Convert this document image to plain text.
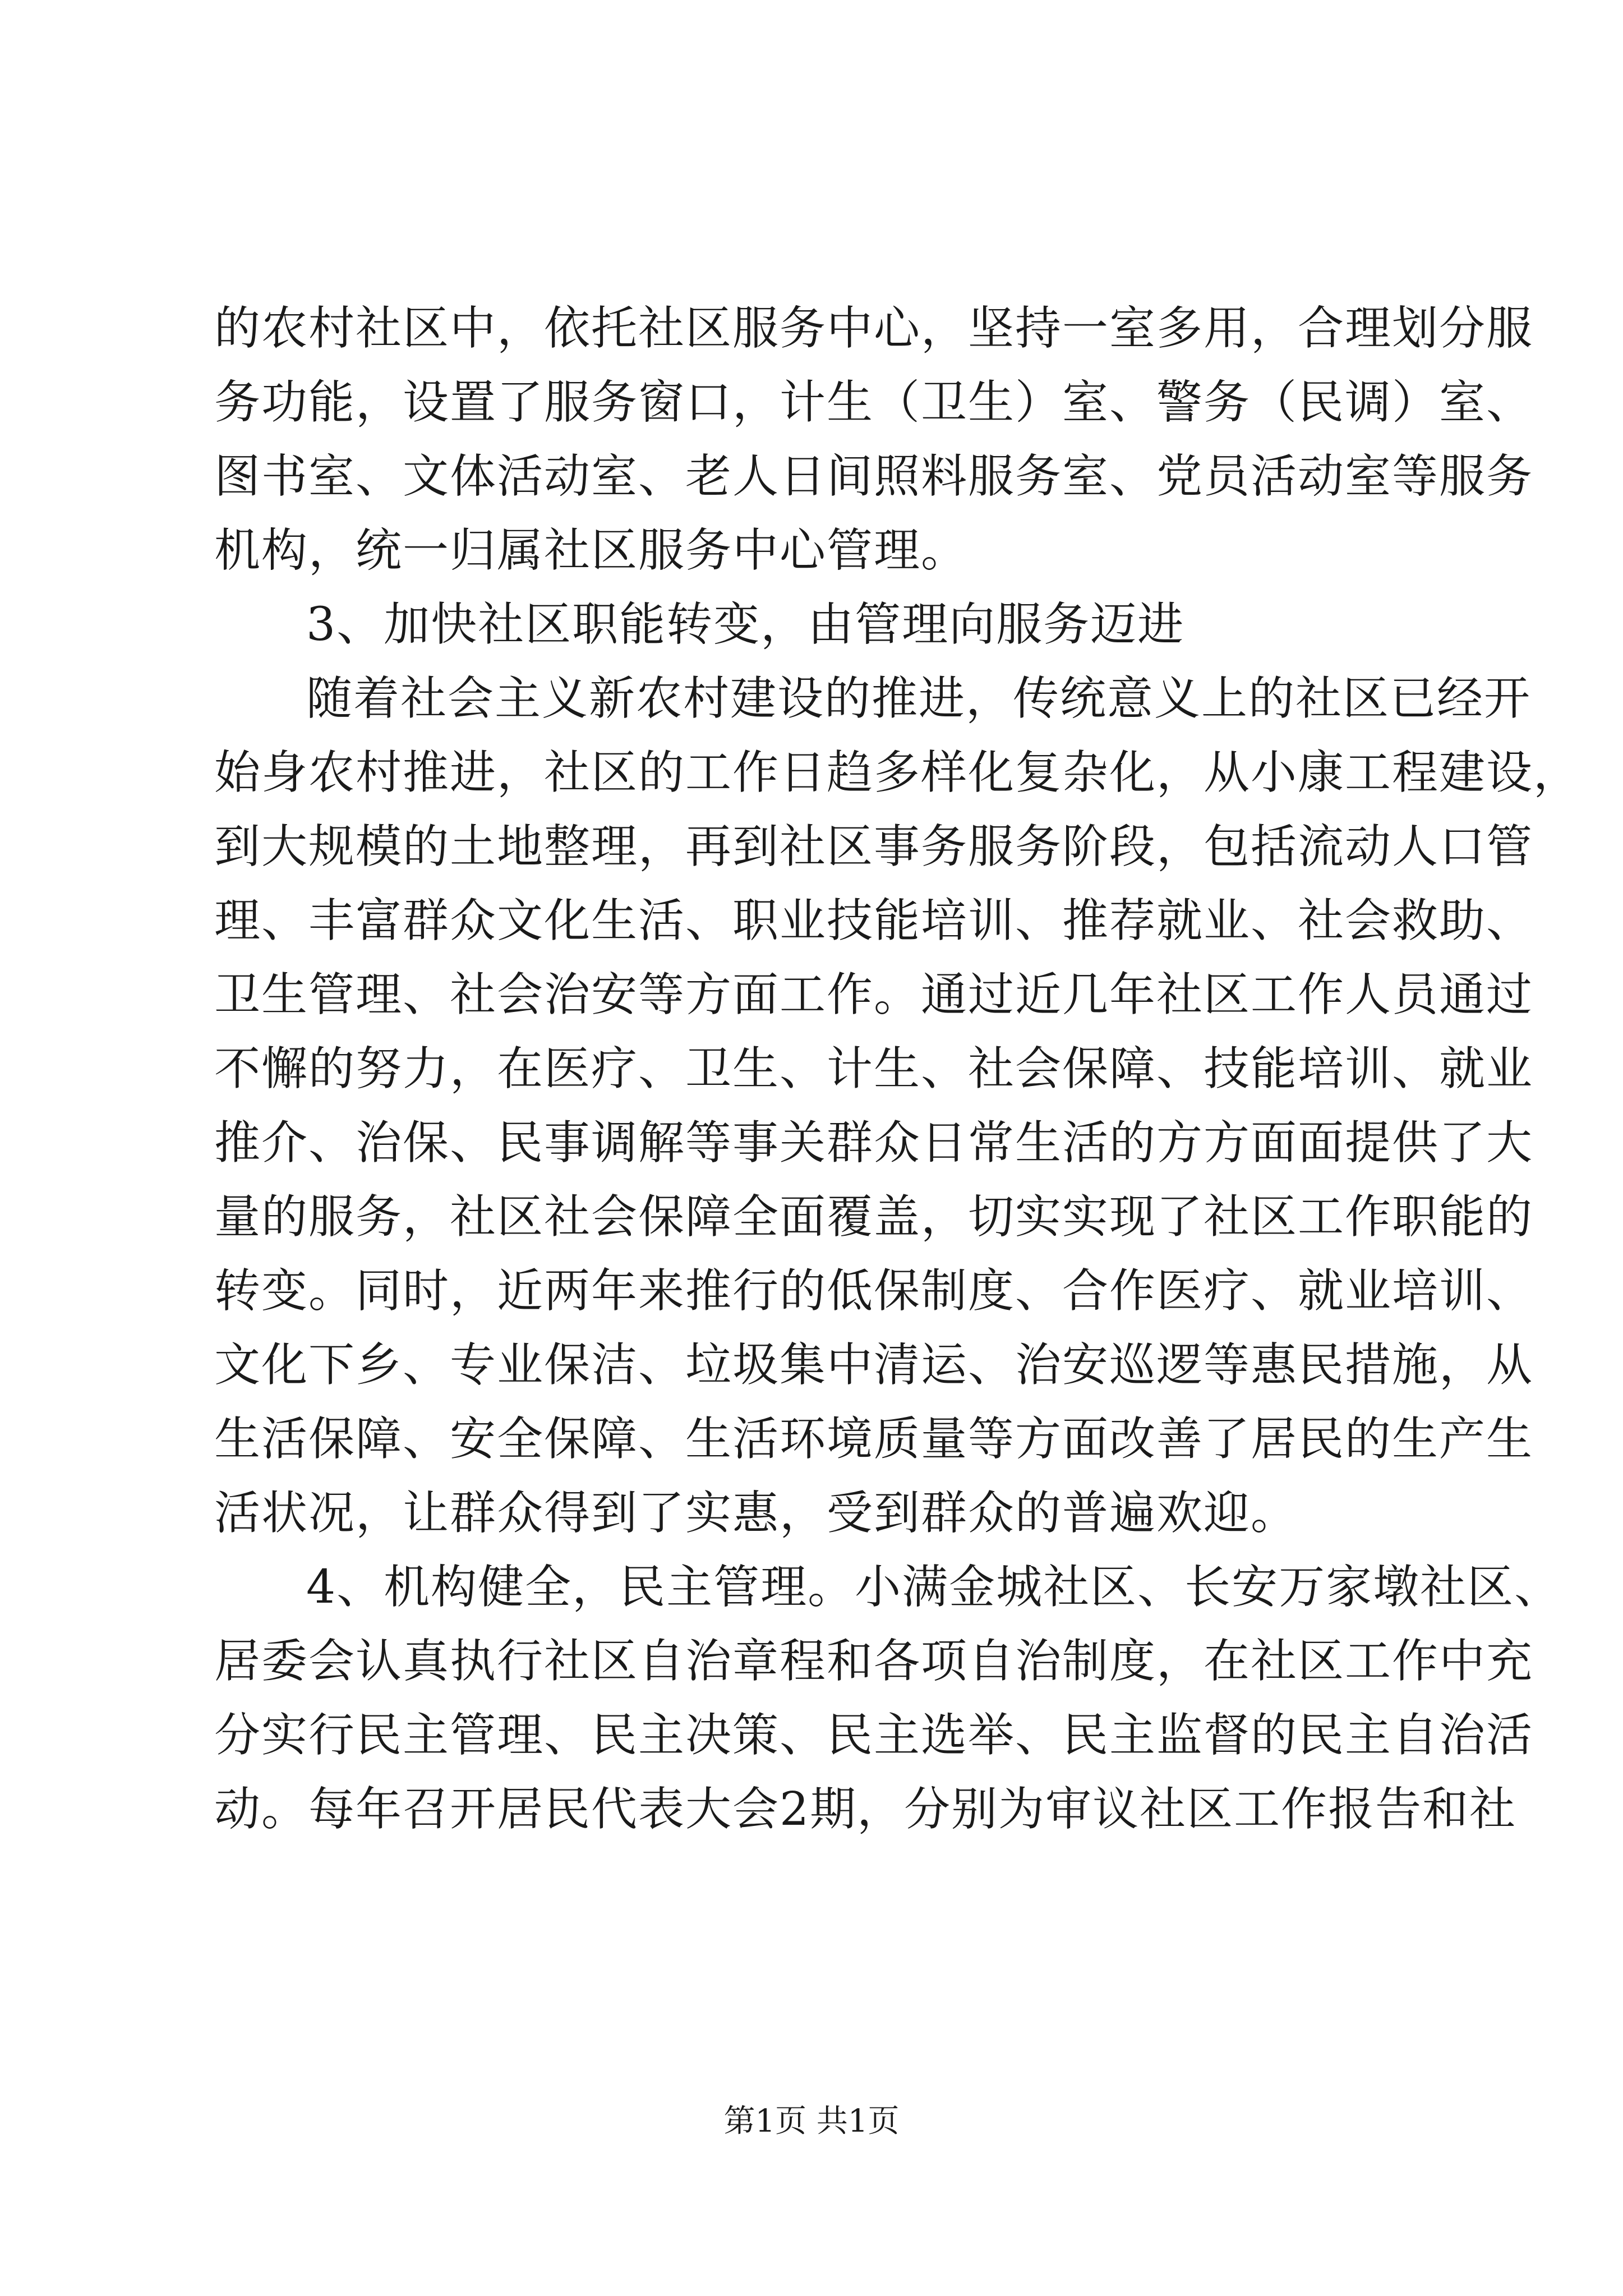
的农村社区中，依托社区服务中心，坚持一室多用，合理划分服
务功能，设置了服务窗口，计生（卫生）室、警务（民调）室、
图书室、文体活动室、老人日间照料服务室、党员活动室等服务
机构，统一归属社区服务中心管理。
3、加快社区职能转变，由管理向服务迈进
随着社会主义新农村建设的推进，传统意义上的社区已经开
始身农村推进，社区的工作日趋多样化复杂化，从小康工程建设，
到大规模的土地整理，再到社区事务服务阶段，包括流动人口管
理、丰富群众文化生活、职业技能培训、推荐就业、社会救助、
卫生管理、社会治安等方面工作。通过近几年社区工作人员通过
不懈的努力，在医疗、卫生、计生、社会保障、技能培训、就业
推介、治保、民事调解等事关群众日常生活的方方面面提供了大
量的服务，社区社会保障全面覆盖，切实实现了社区工作职能的
转变。同时，近两年来推行的低保制度、合作医疗、就业培训、
文化下乡、专业保洁、垃圾集中清运、治安巡逻等惠民措施，从
生活保障、安全保障、生活环境质量等方面改善了居民的生产生
活状况，让群众得到了实惠，受到群众的普遍欢迎。
4、机构健全，民主管理。小满金城社区、长安万家墩社区、
居委会认真执行社区自治章程和各项自治制度，在社区工作中充
分实行民主管理、民主决策、民主选举、民主监督的民主自治活
动。每年召开居民代表大会2期，分别为审议社区工作报告和社
第1页 共1页
